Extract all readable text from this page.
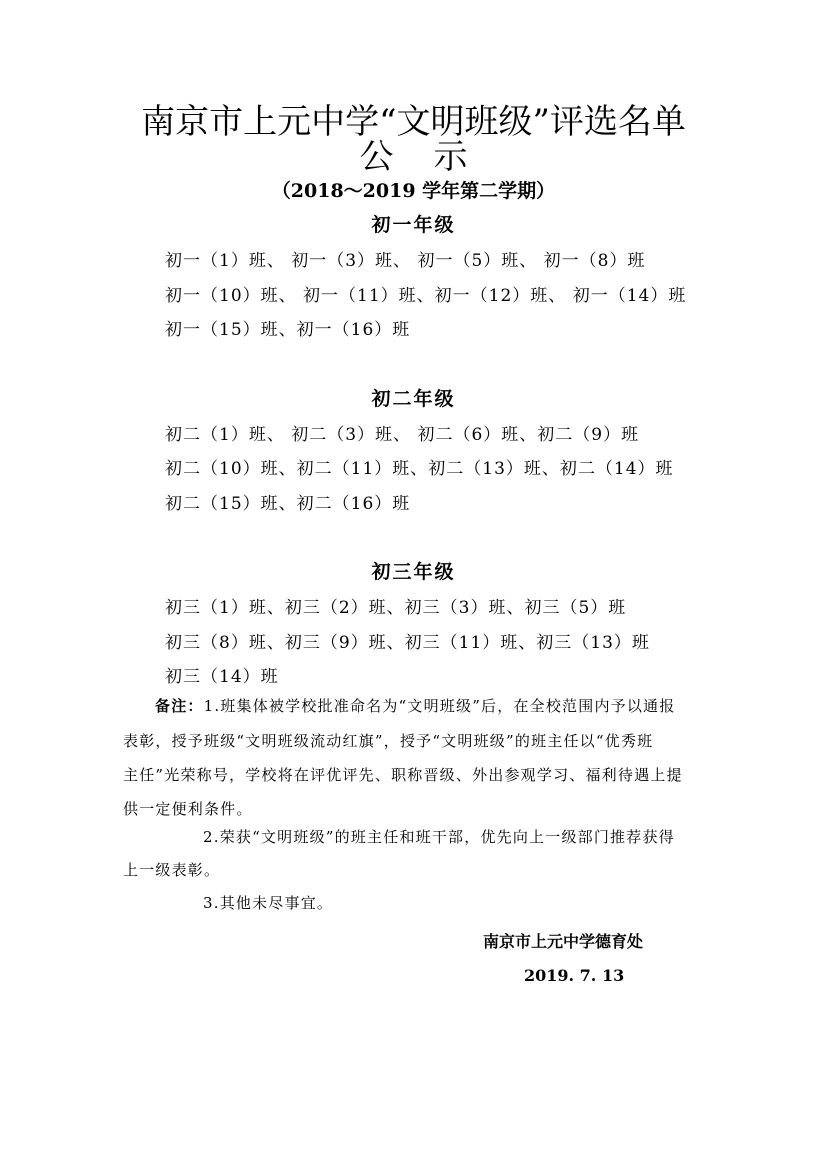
南京市上元中学“文明班级”评选名单
公示
（2018～2019 学年第二学期）
初一年级
初一（1）班、 初一（3）班、 初一（5）班、 初一（8）班
初一（10）班、 初一（11）班、初一（12）班、 初一（14）班
初一（15）班、初一（16）班
初二年级
初二（1）班、 初二（3）班、 初二（6）班、初二（9）班
初二（10）班、初二（11）班、初二（13）班、初二（14）班
初二（15）班、初二（16）班
初三年级
初三（1）班、初三（2）班、初三（3）班、初三（5）班
初三（8）班、初三（9）班、初三（11）班、初三（13）班
初三（14）班
备注：1.班集体被学校批准命名为“文明班级”后，在全校范围内予以通报
表彰，授予班级“文明班级流动红旗”，授予“文明班级”的班主任以“优秀班
主任”光荣称号，学校将在评优评先、职称晋级、外出参观学习、福利待遇上提
供一定便利条件。
2.荣获“文明班级”的班主任和班干部，优先向上一级部门推荐获得
上一级表彰。
3.其他未尽事宜。
南京市上元中学德育处
2019. 7. 13
